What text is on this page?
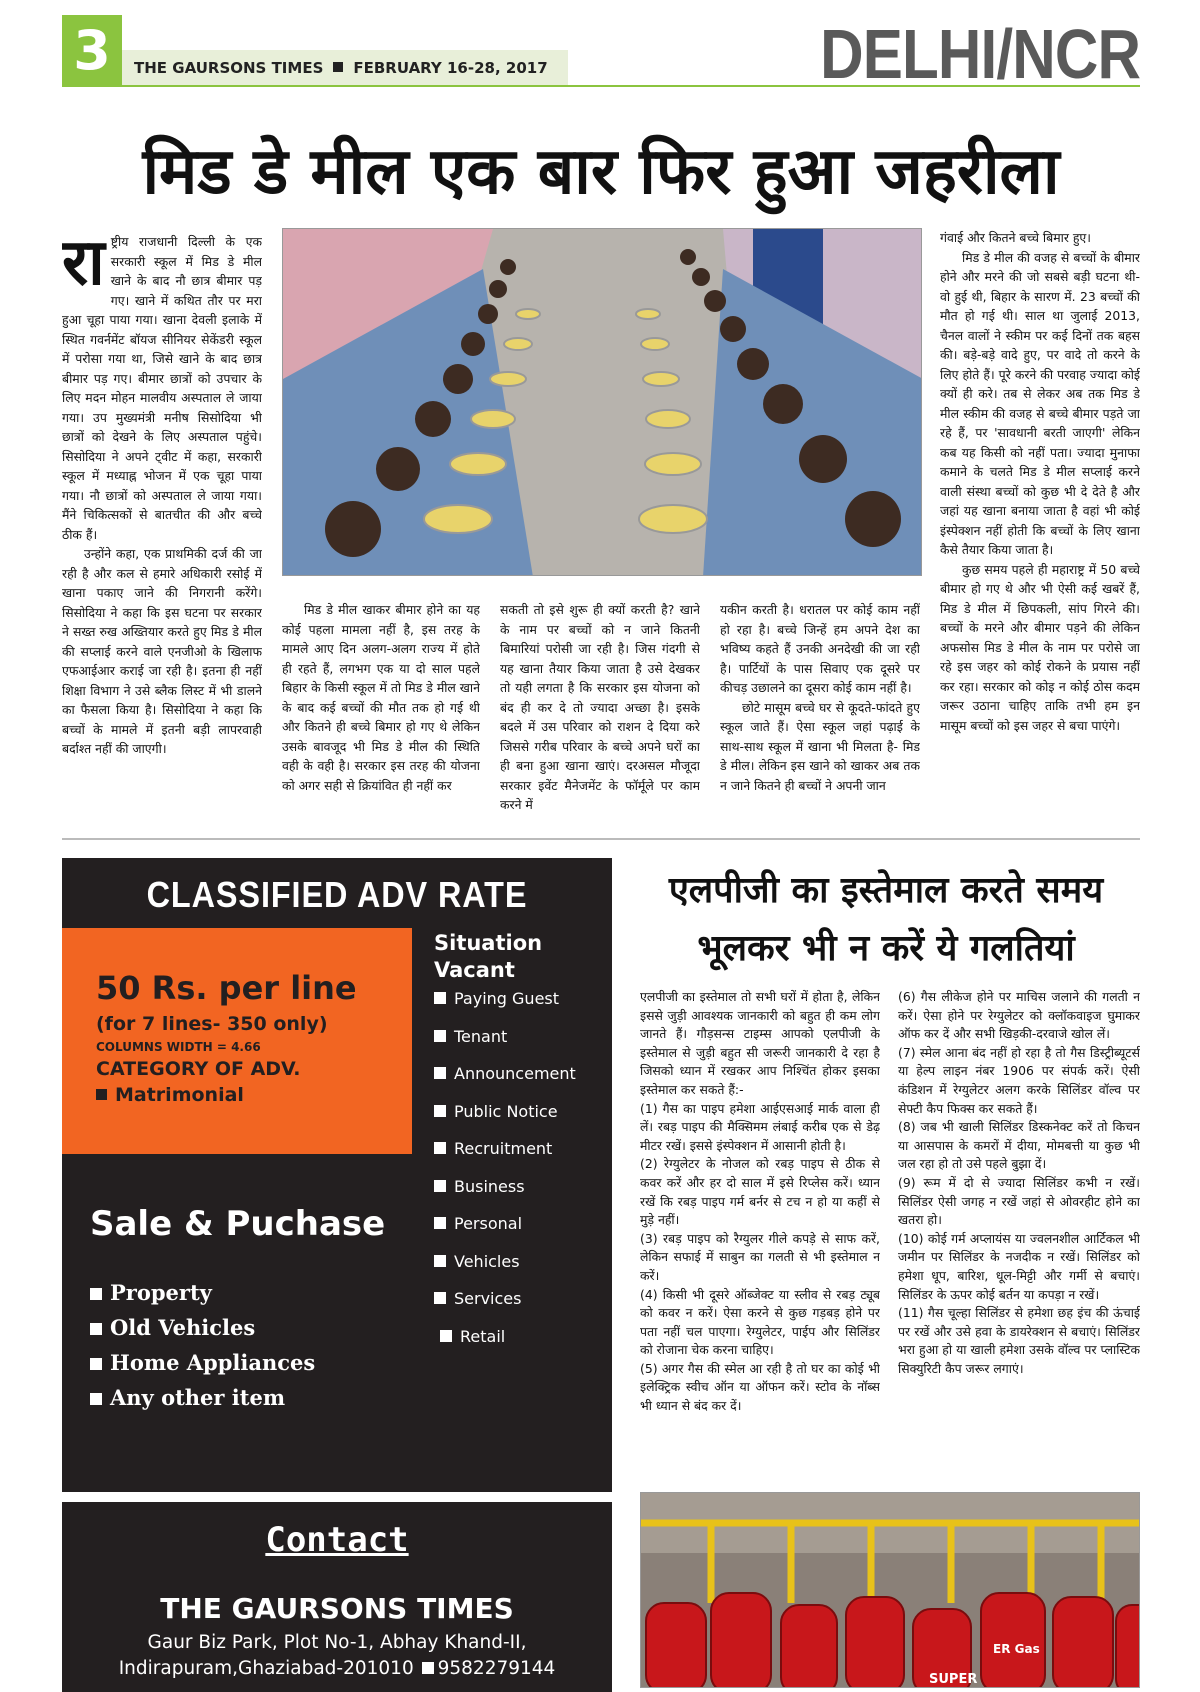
3	THE GAURSONS TIMES FEBRUARY 16-28, 2017	DELHI/NCR
मिड डे मील एक बार फिर हुआ जहरीला

राष्ट्रीय राजधानी दिल्ली के एक सरकारी स्कूल में मिड डे मील खाने के बाद नौ छात्र बीमार पड़ गए। खाने में कथित तौर पर मरा हुआ चूहा पाया गया। खाना देवली इलाके में स्थित गवर्नमेंट बॉयज सीनियर सेकेंडरी स्कूल में परोसा गया था, जिसे खाने के बाद छात्र बीमार पड़ गए। बीमार छात्रों को उपचार के लिए मदन मोहन मालवीय अस्पताल ले जाया गया। उप मुख्यमंत्री मनीष सिसोदिया भी छात्रों को देखने के लिए अस्पताल पहुंचे। सिसोदिया ने अपने ट्वीट में कहा, सरकारी स्कूल में मध्याह्न भोजन में एक चूहा पाया गया। नौ छात्रों को अस्पताल ले जाया गया। मैंने चिकित्सकों से बातचीत की और बच्चे ठीक हैं।

उन्होंने कहा, एक प्राथमिकी दर्ज की जा रही है और कल से हमारे अधिकारी रसोई में खाना पकाए जाने की निगरानी करेंगे। सिसोदिया ने कहा कि इस घटना पर सरकार ने सख्त रुख अख्तियार करते हुए मिड डे मील की सप्लाई करने वाले एनजीओ के खिलाफ एफआईआर कराई जा रही है। इतना ही नहीं शिक्षा विभाग ने उसे ब्लैक लिस्ट में भी डालने का फैसला किया है। सिसोदिया ने कहा कि बच्चों के मामले में इतनी बड़ी लापरवाही बर्दाश्त नहीं की जाएगी।

मिड डे मील खाकर बीमार होने का यह कोई पहला मामला नहीं है, इस तरह के मामले आए दिन अलग-अलग राज्य में होते ही रहते हैं, लगभग एक या दो साल पहले बिहार के किसी स्कूल में तो मिड डे मील खाने के बाद कई बच्चों की मौत तक हो गई थी और कितने ही बच्चे बिमार हो गए थे लेकिन उसके बावजूद भी मिड डे मील की स्थिति वही के वही है। सरकार इस तरह की योजना को अगर सही से क्रियांवित ही नहीं कर

सकती तो इसे शुरू ही क्यों करती है? खाने के नाम पर बच्चों को न जाने कितनी बिमारियां परोसी जा रही है। जिस गंदगी से यह खाना तैयार किया जाता है उसे देखकर तो यही लगता है कि सरकार इस योजना को बंद ही कर दे तो ज्यादा अच्छा है। इसके बदले में उस परिवार को राशन दे दिया करे जिससे गरीब परिवार के बच्चे अपने घरों का ही बना हुआ खाना खाएं। दरअसल मौजूदा सरकार इवेंट मैनेजमेंट के फॉर्मूले पर काम करने में

यकीन करती है। धरातल पर कोई काम नहीं हो रहा है। बच्चे जिन्हें हम अपने देश का भविष्य कहते हैं उनकी अनदेखी की जा रही है। पार्टियों के पास सिवाए एक दूसरे पर कीचड़ उछालने का दूसरा कोई काम नहीं है।

छोटे मासूम बच्चे घर से कूदते-फांदते हुए स्कूल जाते हैं। ऐसा स्कूल जहां पढ़ाई के साथ-साथ स्कूल में खाना भी मिलता है- मिड डे मील। लेकिन इस खाने को खाकर अब तक न जाने कितने ही बच्चों ने अपनी जान

गंवाई और कितने बच्चे बिमार हुए।

मिड डे मील की वजह से बच्चों के बीमार होने और मरने की जो सबसे बड़ी घटना थी- वो हुई थी, बिहार के सारण में. 23 बच्चों की मौत हो गई थी। साल था जुलाई 2013, चैनल वालों ने स्कीम पर कई दिनों तक बहस की। बड़े-बड़े वादे हुए, पर वादे तो करने के लिए होते हैं। पूरे करने की परवाह ज्यादा कोई क्यों ही करे। तब से लेकर अब तक मिड डे मील स्कीम की वजह से बच्चे बीमार पड़ते जा रहे हैं, पर 'सावधानी बरती जाएगी' लेकिन कब यह किसी को नहीं पता। ज्यादा मुनाफा कमाने के चलते मिड डे मील सप्लाई करने वाली संस्था बच्चों को कुछ भी दे देते है और जहां यह खाना बनाया जाता है वहां भी कोई इंस्पेक्शन नहीं होती कि बच्चों के लिए खाना कैसे तैयार किया जाता है।

कुछ समय पहले ही महाराष्ट्र में 50 बच्चे बीमार हो गए थे और भी ऐसी कई खबरें हैं, मिड डे मील में छिपकली, सांप गिरने की। बच्चों के मरने और बीमार पड़ने की लेकिन अफसोस मिड डे मील के नाम पर परोसे जा रहे इस जहर को कोई रोकने के प्रयास नहीं कर रहा। सरकार को कोइ न कोई ठोस कदम जरूर उठाना चाहिए ताकि तभी हम इन मासूम बच्चों को इस जहर से बचा पाएंगे।

CLASSIFIED ADV RATE
50 Rs. per line
(for 7 lines- 350 only)
COLUMNS WIDTH = 4.66
CATEGORY OF ADV.
Matrimonial
Situation
Vacant
Paying Guest
Tenant
Announcement
Public Notice
Recruitment
Business
Personal
Vehicles
Services
Retail
Sale & Puchase
Property
Old Vehicles
Home Appliances
Any other item
Contact
THE GAURSONS TIMES
Gaur Biz Park, Plot No-1, Abhay Khand-II,
Indirapuram,Ghaziabad-201010 9582279144
एलपीजी का इस्तेमाल करते समय
भूलकर भी न करें ये गलतियां

एलपीजी का इस्तेमाल तो सभी घरों में होता है, लेकिन इससे जुड़ी आवश्यक जानकारी को बहुत ही कम लोग जानते हैं। गौड़सन्स टाइम्स आपको एलपीजी के इस्तेमाल से जुड़ी बहुत सी जरूरी जानकारी दे रहा है जिसको ध्यान में रखकर आप निश्चिंत होकर इसका इस्तेमाल कर सकते हैं:-

(1) गैस का पाइप हमेशा आईएसआई मार्क वाला ही लें। रबड़ पाइप की मैक्सिमम लंबाई करीब एक से डेढ़ मीटर रखें। इससे इंस्पेक्शन में आसानी होती है।

(2) रेग्युलेटर के नोजल को रबड़ पाइप से ठीक से कवर करें और हर दो साल में इसे रिप्लेस करें। ध्यान रखें कि रबड़ पाइप गर्म बर्नर से टच न हो या कहीं से मुड़े नहीं।

(3) रबड़ पाइप को रैग्युलर गीले कपड़े से साफ करें, लेकिन सफाई में साबुन का गलती से भी इस्तेमाल न करें।

(4) किसी भी दूसरे ऑब्जेक्ट या स्लीव से रबड़ ट्यूब को कवर न करें। ऐसा करने से कुछ गड़बड़ होने पर पता नहीं चल पाएगा। रेग्युलेटर, पाईप और सिलिंडर को रोजाना चेक करना चाहिए।

(5) अगर गैस की स्मेल आ रही है तो घर का कोई भी इलेक्ट्रिक स्वीच ऑन या ऑफन करें। स्टोव के नॉब्स भी ध्यान से बंद कर दें।

(6) गैस लीकेज होने पर माचिस जलाने की गलती न करें। ऐसा होने पर रेग्युलेटर को क्लॉकवाइज घुमाकर ऑफ कर दें और सभी खिड़की-दरवाजे खोल लें।

(7) स्मेल आना बंद नहीं हो रहा है तो गैस डिस्ट्रीब्यूटर्स या हेल्प लाइन नंबर 1906 पर संपर्क करें। ऐसी कंडिशन में रेग्युलेटर अलग करके सिलिंडर वॉल्व पर सेफ्टी कैप फिक्स कर सकते हैं।

(8) जब भी खाली सिलिंडर डिस्कनेक्ट करें तो किचन या आसपास के कमरों में दीया, मोमबत्ती या कुछ भी जल रहा हो तो उसे पहले बुझा दें।

(9) रूम में दो से ज्यादा सिलिंडर कभी न रखें। सिलिंडर ऐसी जगह न रखें जहां से ओवरहीट होने का खतरा हो।

(10) कोई गर्म अप्लायंस या ज्वलनशील आर्टिकल भी जमीन पर सिलिंडर के नजदीक न रखें। सिलिंडर को हमेशा धूप, बारिश, धूल-मिट्टी और गर्मी से बचाएं। सिलिंडर के ऊपर कोई बर्तन या कपड़ा न रखें।

(11) गैस चूल्हा सिलिंडर से हमेशा छह इंच की ऊंचाई पर रखें और उसे हवा के डायरेक्शन से बचाएं। सिलिंडर भरा हुआ हो या खाली हमेशा उसके वॉल्व पर प्लास्टिक सिक्युरिटी कैप जरूर लगाएं।

SUPER
ER Gas
